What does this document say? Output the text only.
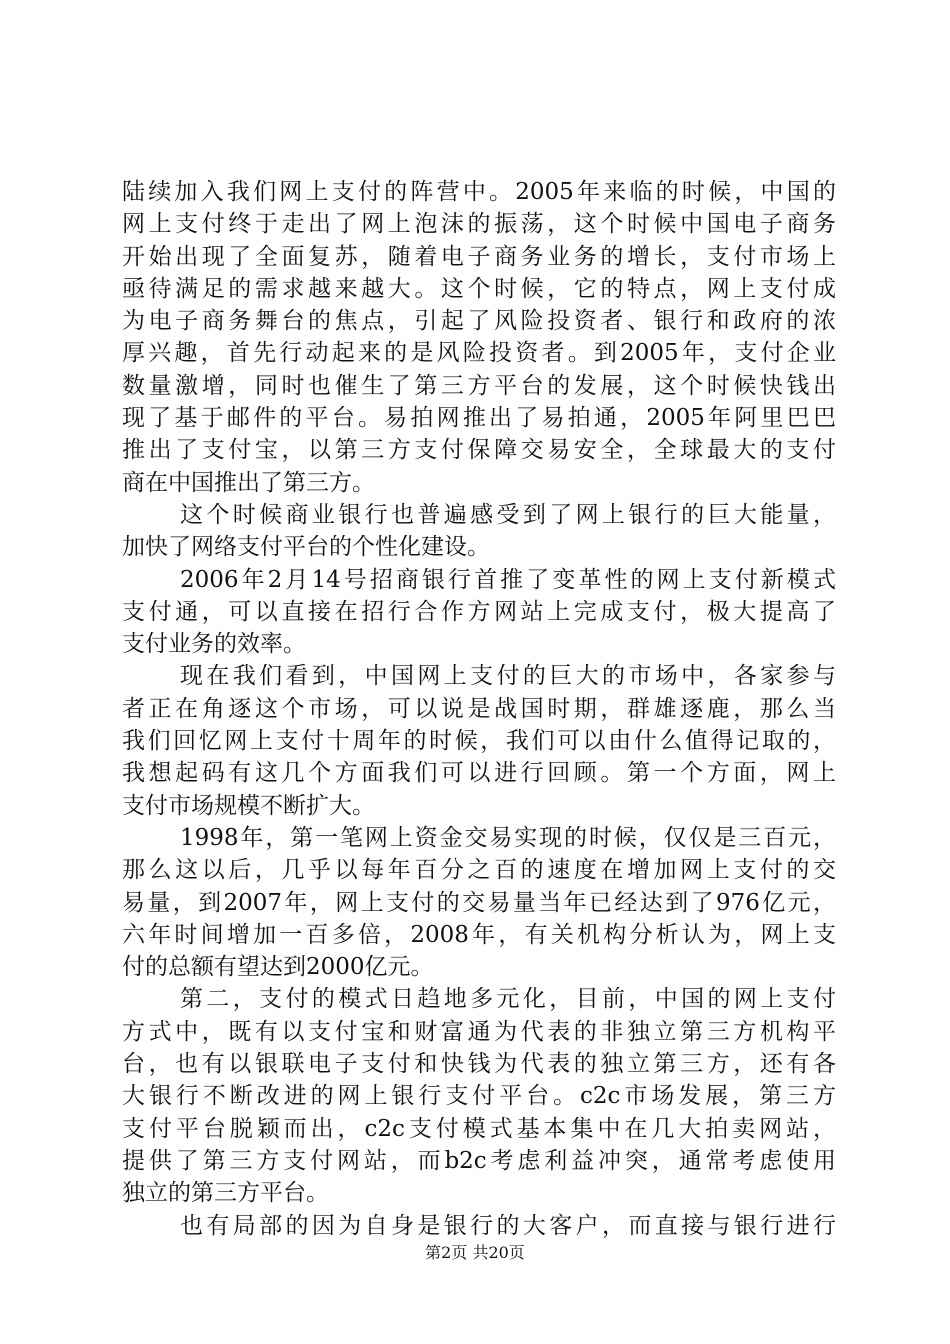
陆续加入我们网上支付的阵营中。2005年来临的时候，中国的
网上支付终于走出了网上泡沫的振荡，这个时候中国电子商务
开始出现了全面复苏，随着电子商务业务的增长，支付市场上
亟待满足的需求越来越大。这个时候，它的特点，网上支付成
为电子商务舞台的焦点，引起了风险投资者、银行和政府的浓
厚兴趣，首先行动起来的是风险投资者。到2005年，支付企业
数量激增，同时也催生了第三方平台的发展，这个时候快钱出
现了基于邮件的平台。易拍网推出了易拍通，2005年阿里巴巴
推出了支付宝，以第三方支付保障交易安全，全球最大的支付
商在中国推出了第三方。
这个时候商业银行也普遍感受到了网上银行的巨大能量，
加快了网络支付平台的个性化建设。
2006年2月14号招商银行首推了变革性的网上支付新模式
支付通，可以直接在招行合作方网站上完成支付，极大提高了
支付业务的效率。
现在我们看到，中国网上支付的巨大的市场中，各家参与
者正在角逐这个市场，可以说是战国时期，群雄逐鹿，那么当
我们回忆网上支付十周年的时候，我们可以由什么值得记取的，
我想起码有这几个方面我们可以进行回顾。第一个方面，网上
支付市场规模不断扩大。
1998年，第一笔网上资金交易实现的时候，仅仅是三百元，
那么这以后，几乎以每年百分之百的速度在增加网上支付的交
易量，到2007年，网上支付的交易量当年已经达到了976亿元，
六年时间增加一百多倍，2008年，有关机构分析认为，网上支
付的总额有望达到2000亿元。
第二，支付的模式日趋地多元化，目前，中国的网上支付
方式中，既有以支付宝和财富通为代表的非独立第三方机构平
台，也有以银联电子支付和快钱为代表的独立第三方，还有各
大银行不断改进的网上银行支付平台。c2c市场发展，第三方
支付平台脱颖而出，c2c支付模式基本集中在几大拍卖网站，
提供了第三方支付网站，而b2c考虑利益冲突，通常考虑使用
独立的第三方平台。
也有局部的因为自身是银行的大客户，而直接与银行进行
第2页 共20页
